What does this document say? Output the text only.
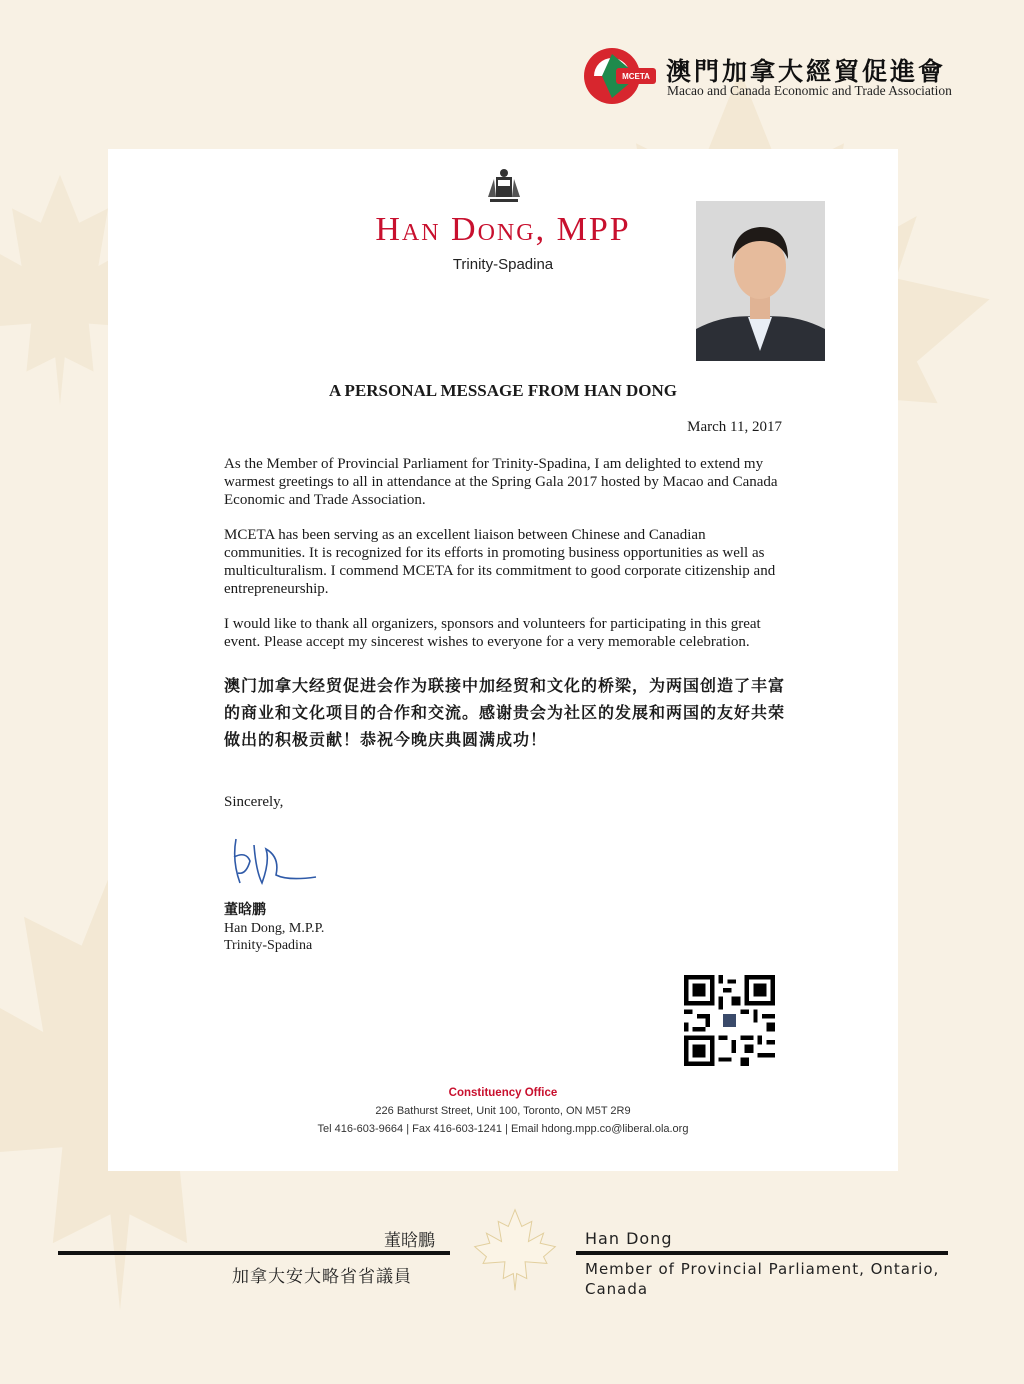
MCETA 澳門加拿大經貿促進會
Macao and Canada Economic and Trade Association
Han Dong, MPP
Trinity-Spadina
A PERSONAL MESSAGE FROM HAN DONG
March 11, 2017

As the Member of Provincial Parliament for Trinity-Spadina, I am delighted to extend my warmest greetings to all in attendance at the Spring Gala 2017 hosted by Macao and Canada Economic and Trade Association.

MCETA has been serving as an excellent liaison between Chinese and Canadian communities. It is recognized for its efforts in promoting business opportunities as well as multiculturalism. I commend MCETA for its commitment to good corporate citizenship and entrepreneurship.

I would like to thank all organizers, sponsors and volunteers for participating in this great event. Please accept my sincerest wishes to everyone for a very memorable celebration.

澳门加拿大经贸促进会作为联接中加经贸和文化的桥梁，为两国创造了丰富的商业和文化项目的合作和交流。感谢贵会为社区的发展和两国的友好共荣做出的积极贡献！恭祝今晚庆典圆满成功！

Sincerely,
董晗鹏
Han Dong, M.P.P.
Trinity-Spadina
Constituency Office
226 Bathurst Street, Unit 100, Toronto, ON M5T 2R9
Tel 416-603-9664 | Fax 416-603-1241 | Email hdong.mpp.co@liberal.ola.org
董晗鵬
加拿大安大略省省議員
Han Dong
Member of Provincial Parliament, Ontario, Canada
